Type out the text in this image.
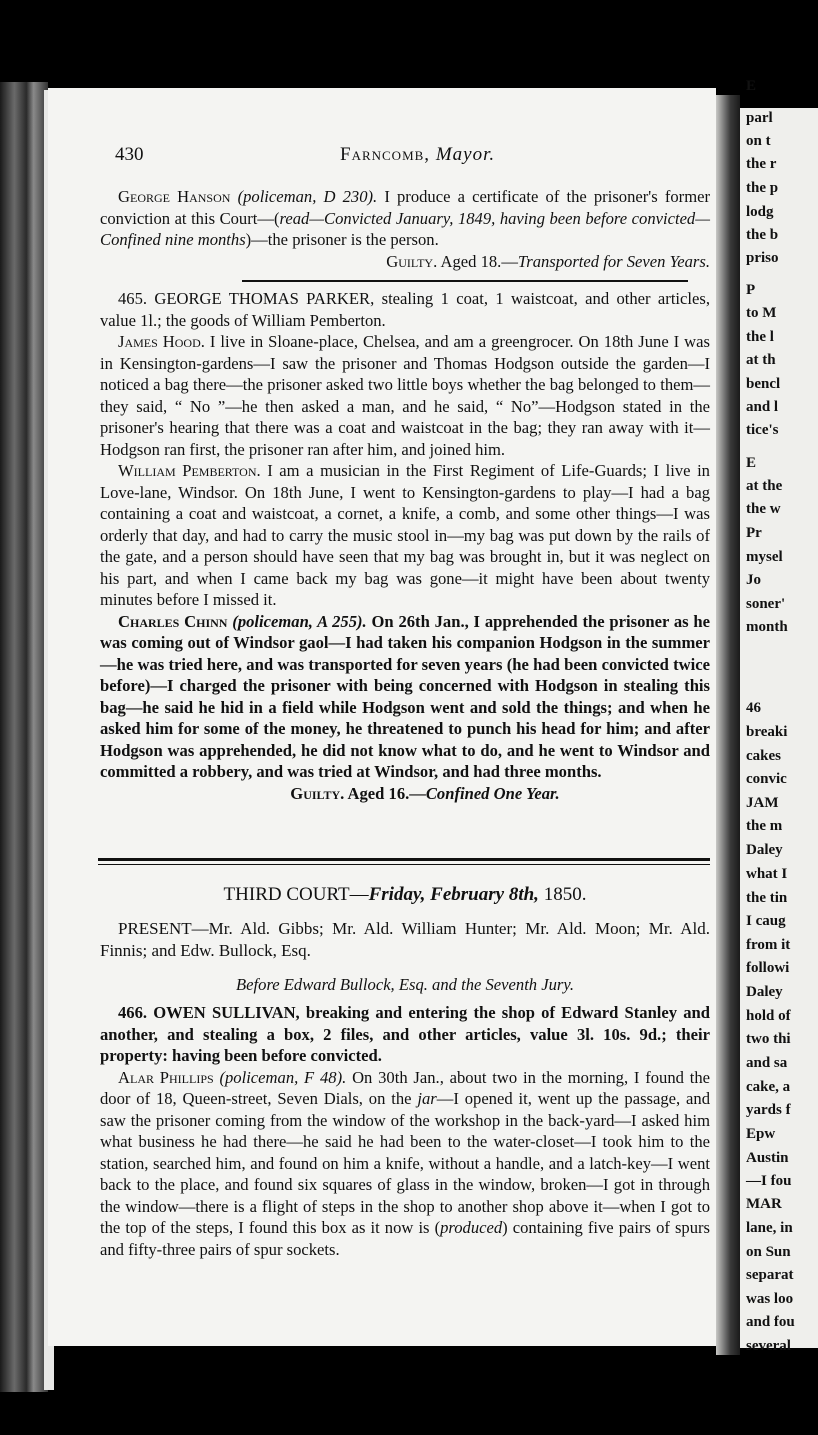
E
parl
on t
the r
the p
lodg
the b
priso
P
to M
the l
at th
bencl
and l
tice's
E
at the
the w
Pr
mysel
Jo
soner'
month
46
breaki
cakes
convic
JAM
the m
Daley
what I
the tin
I caug
from it
followi
Daley
hold of
two thi
and sa
cake, a
yards f
Epw
Austin
—I fou
MAR
lane, in
on Sun
separat
was loo
and fou
several
430	Farncomb, Mayor.

George Hanson (policeman, D 230). I produce a certificate of the prisoner's former conviction at this Court—(read—Convicted January, 1849, having been before convicted—Confined nine months)—the prisoner is the person.
Guilty. Aged 18.—Transported for Seven Years.

465. GEORGE THOMAS PARKER, stealing 1 coat, 1 waistcoat, and other articles, value 1l.; the goods of William Pemberton.

James Hood. I live in Sloane-place, Chelsea, and am a greengrocer. On 18th June I was in Kensington-gardens—I saw the prisoner and Thomas Hodgson outside the garden—I noticed a bag there—the prisoner asked two little boys whether the bag belonged to them—they said, “ No ”—he then asked a man, and he said, “ No”—Hodgson stated in the prisoner's hearing that there was a coat and waistcoat in the bag; they ran away with it—Hodgson ran first, the prisoner ran after him, and joined him.

William Pemberton. I am a musician in the First Regiment of Life-Guards; I live in Love-lane, Windsor. On 18th June, I went to Kensington-gardens to play—I had a bag containing a coat and waistcoat, a cornet, a knife, a comb, and some other things—I was orderly that day, and had to carry the music stool in—my bag was put down by the rails of the gate, and a person should have seen that my bag was brought in, but it was neglect on his part, and when I came back my bag was gone—it might have been about twenty minutes before I missed it.

Charles Chinn (policeman, A 255). On 26th Jan., I apprehended the prisoner as he was coming out of Windsor gaol—I had taken his companion Hodgson in the summer—he was tried here, and was transported for seven years (he had been convicted twice before)—I charged the prisoner with being concerned with Hodgson in stealing this bag—he said he hid in a field while Hodgson went and sold the things; and when he asked him for some of the money, he threatened to punch his head for him; and after Hodgson was apprehended, he did not know what to do, and he went to Windsor and committed a robbery, and was tried at Windsor, and had three months.

Guilty. Aged 16.—Confined One Year.

THIRD COURT—Friday, February 8th, 1850.

PRESENT—Mr. Ald. Gibbs; Mr. Ald. William Hunter; Mr. Ald. Moon; Mr. Ald. Finnis; and Edw. Bullock, Esq.

Before Edward Bullock, Esq. and the Seventh Jury.

466. OWEN SULLIVAN, breaking and entering the shop of Edward Stanley and another, and stealing a box, 2 files, and other articles, value 3l. 10s. 9d.; their property: having been before convicted.

Alar Phillips (policeman, F 48). On 30th Jan., about two in the morning, I found the door of 18, Queen-street, Seven Dials, on the jar—I opened it, went up the passage, and saw the prisoner coming from the window of the workshop in the back-yard—I asked him what business he had there—he said he had been to the water-closet—I took him to the station, searched him, and found on him a knife, without a handle, and a latch-key—I went back to the place, and found six squares of glass in the window, broken—I got in through the window—there is a flight of steps in the shop to another shop above it—when I got to the top of the steps, I found this box as it now is (produced) containing five pairs of spurs and fifty-three pairs of spur sockets.
